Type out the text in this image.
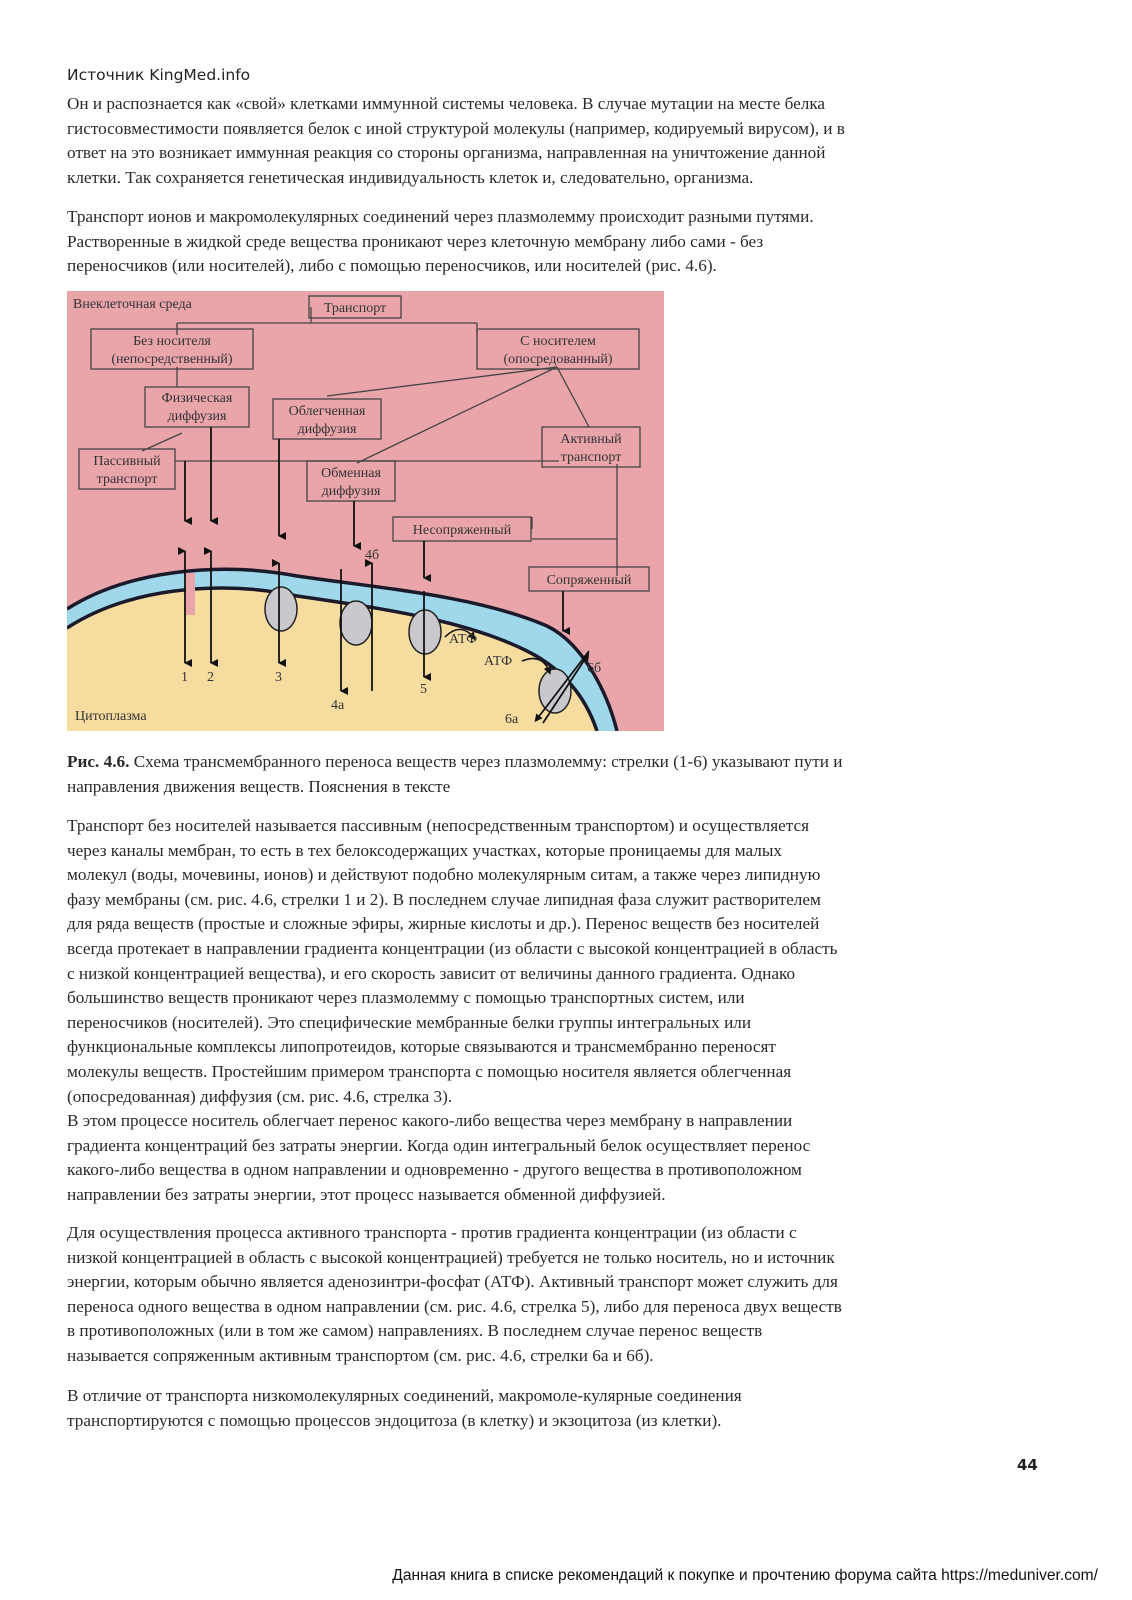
Источник KingMed.info
Он и распознается как «свой» клетками иммунной системы человека. В случае мутации на месте белка
гистосовместимости появляется белок с иной структурой молекулы (например, кодируемый вирусом), и в
ответ на это возникает иммунная реакция со стороны организма, направленная на уничтожение данной
клетки. Так сохраняется генетическая индивидуальность клеток и, следовательно, организма.
Транспорт ионов и макромолекулярных соединений через плазмолемму происходит разными путями.
Растворенные в жидкой среде вещества проникают через клеточную мембрану либо сами - без
переносчиков (или носителей), либо с помощью переносчиков, или носителей (рис. 4.6).
Внеклеточная среда
Цитоплазма
Транспорт
Без носителя
(непосредственный)
С носителем
(опосредованный)
Физическая
диффузия	Облегченная
диффузия
Пассивный
транспорт	Обменная
диффузия
Активный
транспорт
Несопряженный
Сопряженный
АТФ
АТФ
1 2	3
4а
4б
5
6а
6б
Рис. 4.6. Схема трансмембранного переноса веществ через плазмолемму: стрелки (1-6) указывают пути и
направления движения веществ. Пояснения в тексте
Транспорт без носителей называется пассивным (непосредственным транспортом) и осуществляется
через каналы мембран, то есть в тех белоксодержащих участках, которые проницаемы для малых
молекул (воды, мочевины, ионов) и действуют подобно молекулярным ситам, а также через липидную
фазу мембраны (см. рис. 4.6, стрелки 1 и 2). В последнем случае липидная фаза служит растворителем
для ряда веществ (простые и сложные эфиры, жирные кислоты и др.). Перенос веществ без носителей
всегда протекает в направлении градиента концентрации (из области с высокой концентрацией в область
с низкой концентрацией вещества), и его скорость зависит от величины данного градиента. Однако
большинство веществ проникают через плазмолемму с помощью транспортных систем, или
переносчиков (носителей). Это специфические мембранные белки группы интегральных или
функциональные комплексы липопротеидов, которые связываются и трансмембранно переносят
молекулы веществ. Простейшим примером транспорта с помощью носителя является облегченная
(опосредованная) диффузия (см. рис. 4.6, стрелка 3).
В этом процессе носитель облегчает перенос какого-либо вещества через мембрану в направлении
градиента концентраций без затраты энергии. Когда один интегральный белок осуществляет перенос
какого-либо вещества в одном направлении и одновременно - другого вещества в противоположном
направлении без затраты энергии, этот процесс называется обменной диффузией.
Для осуществления процесса активного транспорта - против градиента концентрации (из области с
низкой концентрацией в область с высокой концентрацией) требуется не только носитель, но и источник
энергии, которым обычно является аденозинтри-фосфат (АТФ). Активный транспорт может служить для
переноса одного вещества в одном направлении (см. рис. 4.6, стрелка 5), либо для переноса двух веществ
в противоположных (или в том же самом) направлениях. В последнем случае перенос веществ
называется сопряженным активным транспортом (см. рис. 4.6, стрелки 6а и 6б).
В отличие от транспорта низкомолекулярных соединений, макромоле-кулярные соединения
транспортируются с помощью процессов эндоцитоза (в клетку) и экзоцитоза (из клетки).
44
Данная книга в списке рекомендаций к покупке и прочтению форума сайта https://meduniver.com/
